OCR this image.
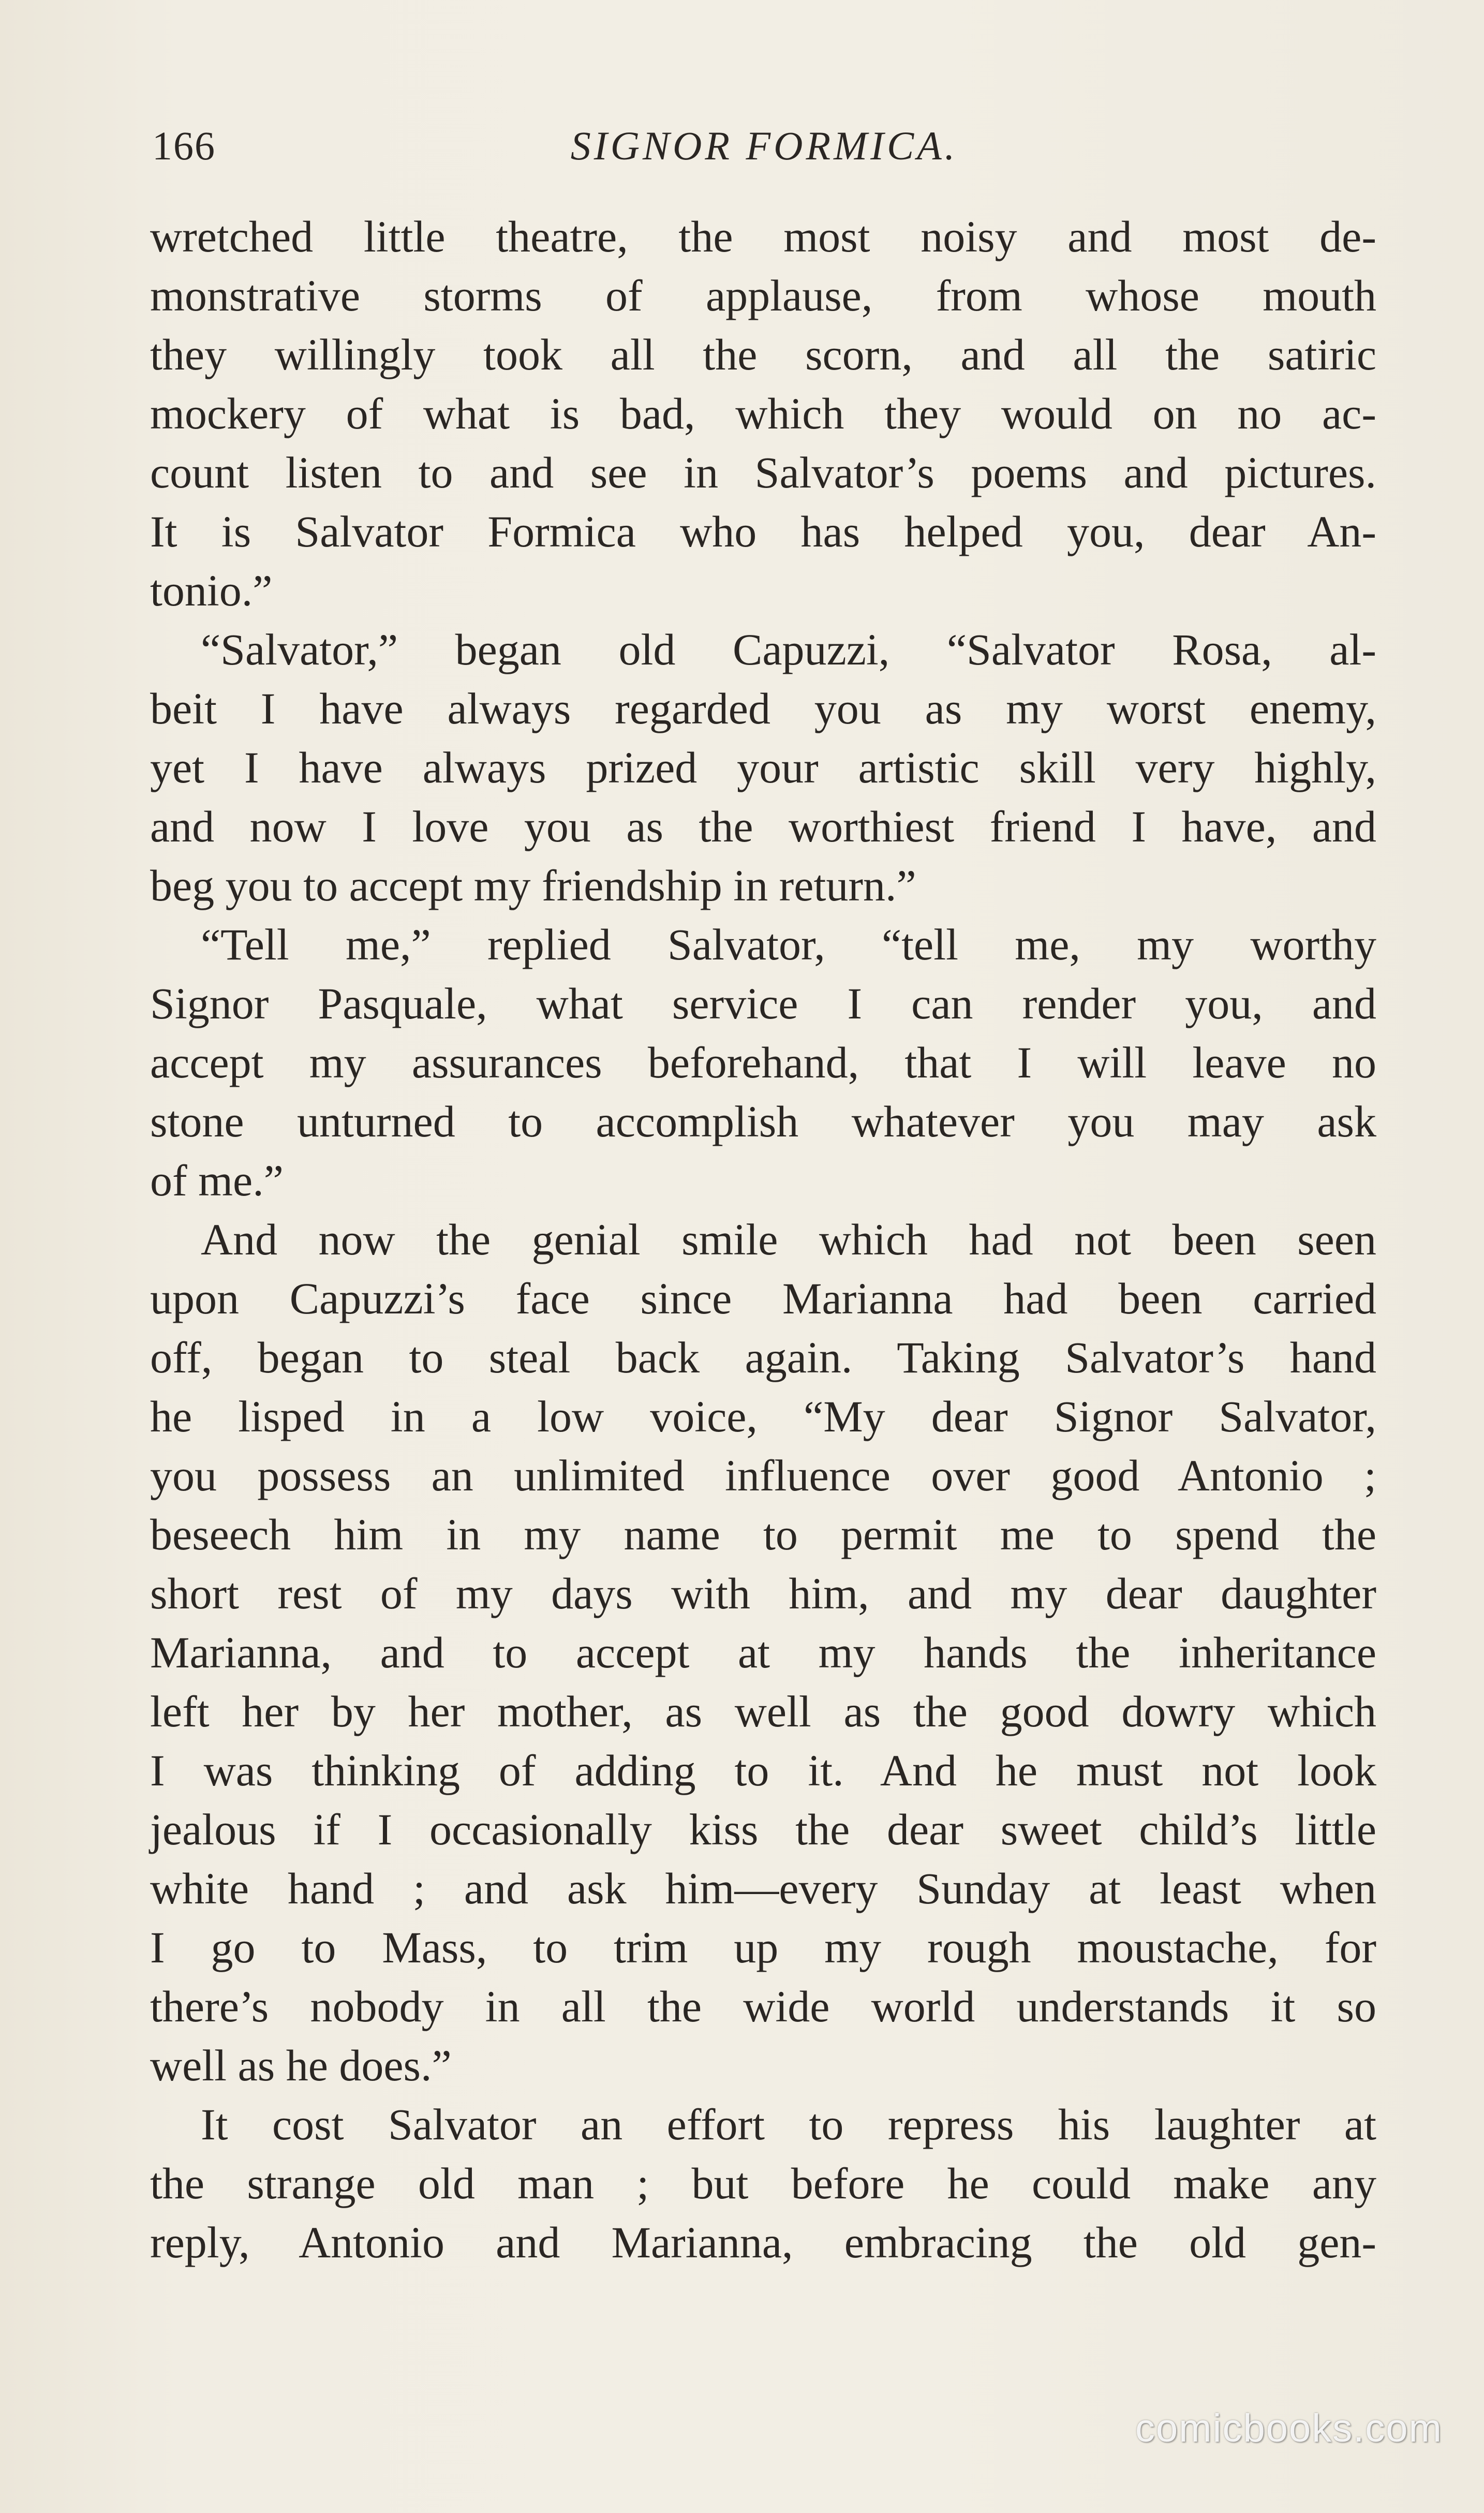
166	SIGNOR FORMICA.
wretched little theatre, the most noisy and most de-
monstrative storms of applause, from whose mouth
they willingly took all the scorn, and all the satiric
mockery of what is bad, which they would on no ac-
count listen to and see in Salvator’s poems and pictures.
It is Salvator Formica who has helped you, dear An-
tonio.”
“Salvator,” began old Capuzzi, “Salvator Rosa, al-
beit I have always regarded you as my worst enemy,
yet I have always prized your artistic skill very highly,
and now I love you as the worthiest friend I have, and
beg you to accept my friendship in return.”
“Tell me,” replied Salvator, “tell me, my worthy
Signor Pasquale, what service I can render you, and
accept my assurances beforehand, that I will leave no
stone unturned to accomplish whatever you may ask
of me.”
And now the genial smile which had not been seen
upon Capuzzi’s face since Marianna had been carried
off, began to steal back again. Taking Salvator’s hand
he lisped in a low voice, “My dear Signor Salvator,
you possess an unlimited influence over good Antonio ;
beseech him in my name to permit me to spend the
short rest of my days with him, and my dear daughter
Marianna, and to accept at my hands the inheritance
left her by her mother, as well as the good dowry which
I was thinking of adding to it. And he must not look
jealous if I occasionally kiss the dear sweet child’s little
white hand ; and ask him—every Sunday at least when
I go to Mass, to trim up my rough moustache, for
there’s nobody in all the wide world understands it so
well as he does.”
It cost Salvator an effort to repress his laughter at
the strange old man ; but before he could make any
reply, Antonio and Marianna, embracing the old gen-
comicbooks.com
